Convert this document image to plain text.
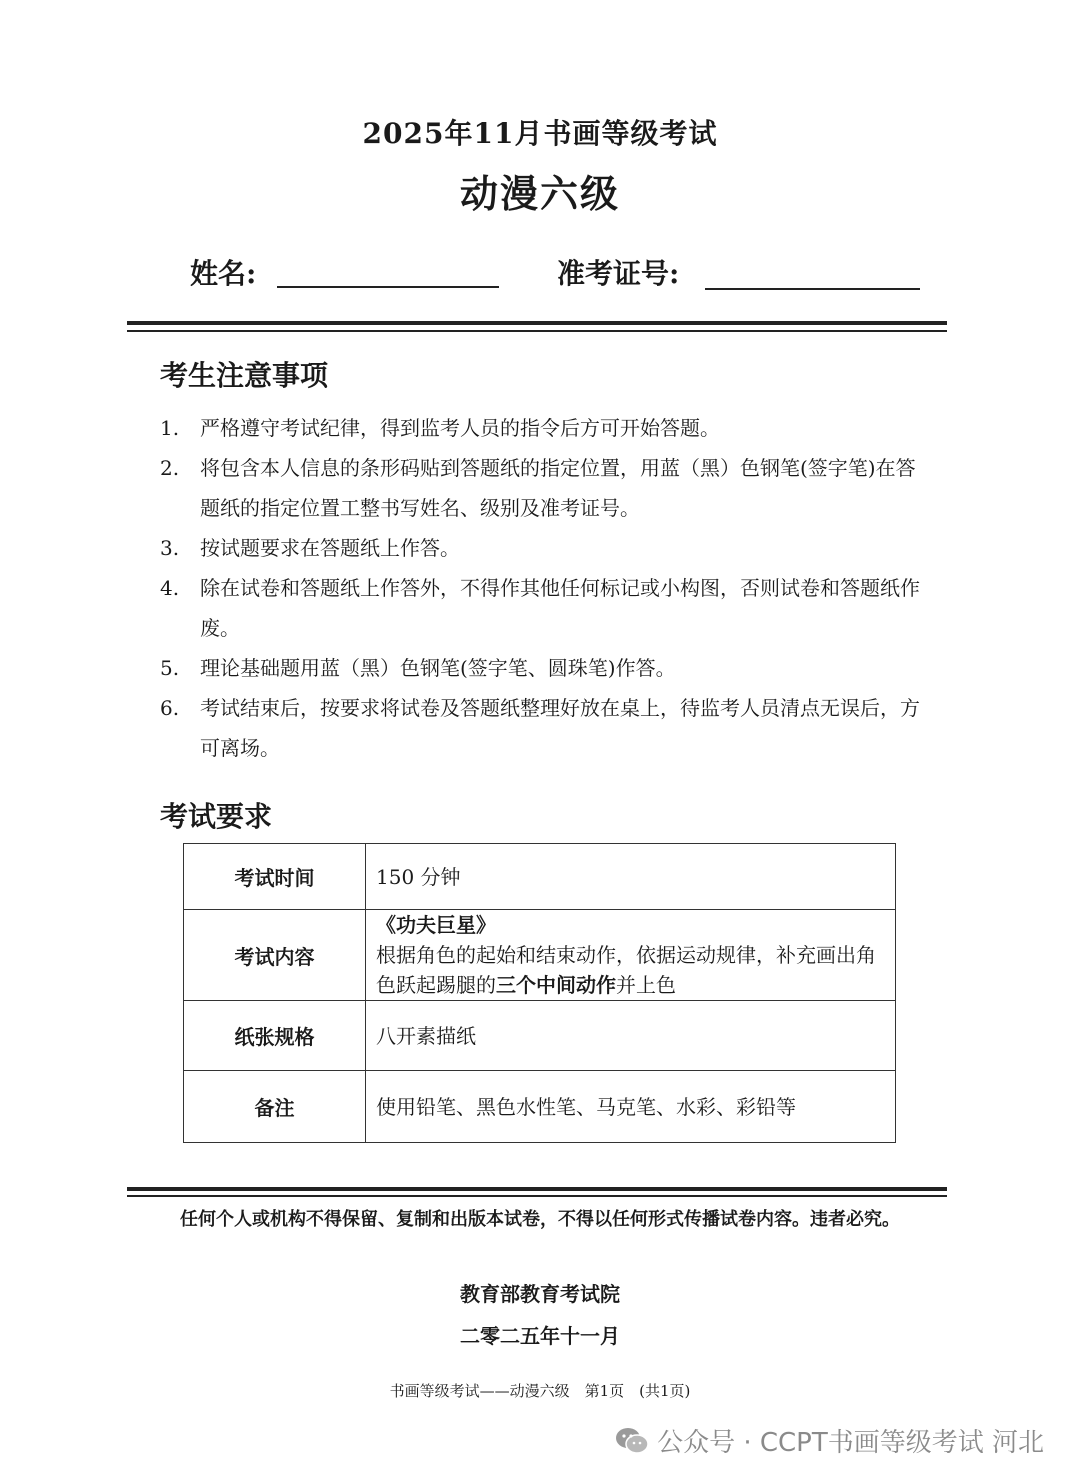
2025年11月书画等级考试
动漫六级
姓名:	准考证号:
考生注意事项
1.	严格遵守考试纪律，得到监考人员的指令后方可开始答题。
2.	将包含本人信息的条形码贴到答题纸的指定位置，用蓝（黑）色钢笔(签字笔)在答题纸的指定位置工整书写姓名、级别及准考证号。
3.	按试题要求在答题纸上作答。
4.	除在试卷和答题纸上作答外，不得作其他任何标记或小构图，否则试卷和答题纸作废。
5.	理论基础题用蓝（黑）色钢笔(签字笔、圆珠笔)作答。
6.	考试结束后，按要求将试卷及答题纸整理好放在桌上，待监考人员清点无误后，方可离场。
考试要求
考试时间	150 分钟
考试内容	《功夫巨星》
根据角色的起始和结束动作，依据运动规律，补充画出角色跃起踢腿的三个中间动作并上色

纸张规格	八开素描纸
备注	使用铅笔、黑色水性笔、马克笔、水彩、彩铅等
任何个人或机构不得保留、复制和出版本试卷，不得以任何形式传播试卷内容。违者必究。
教育部教育考试院
二零二五年十一月
书画等级考试——动漫六级　第1页　(共1页)
公众号 · CCPT书画等级考试 河北
